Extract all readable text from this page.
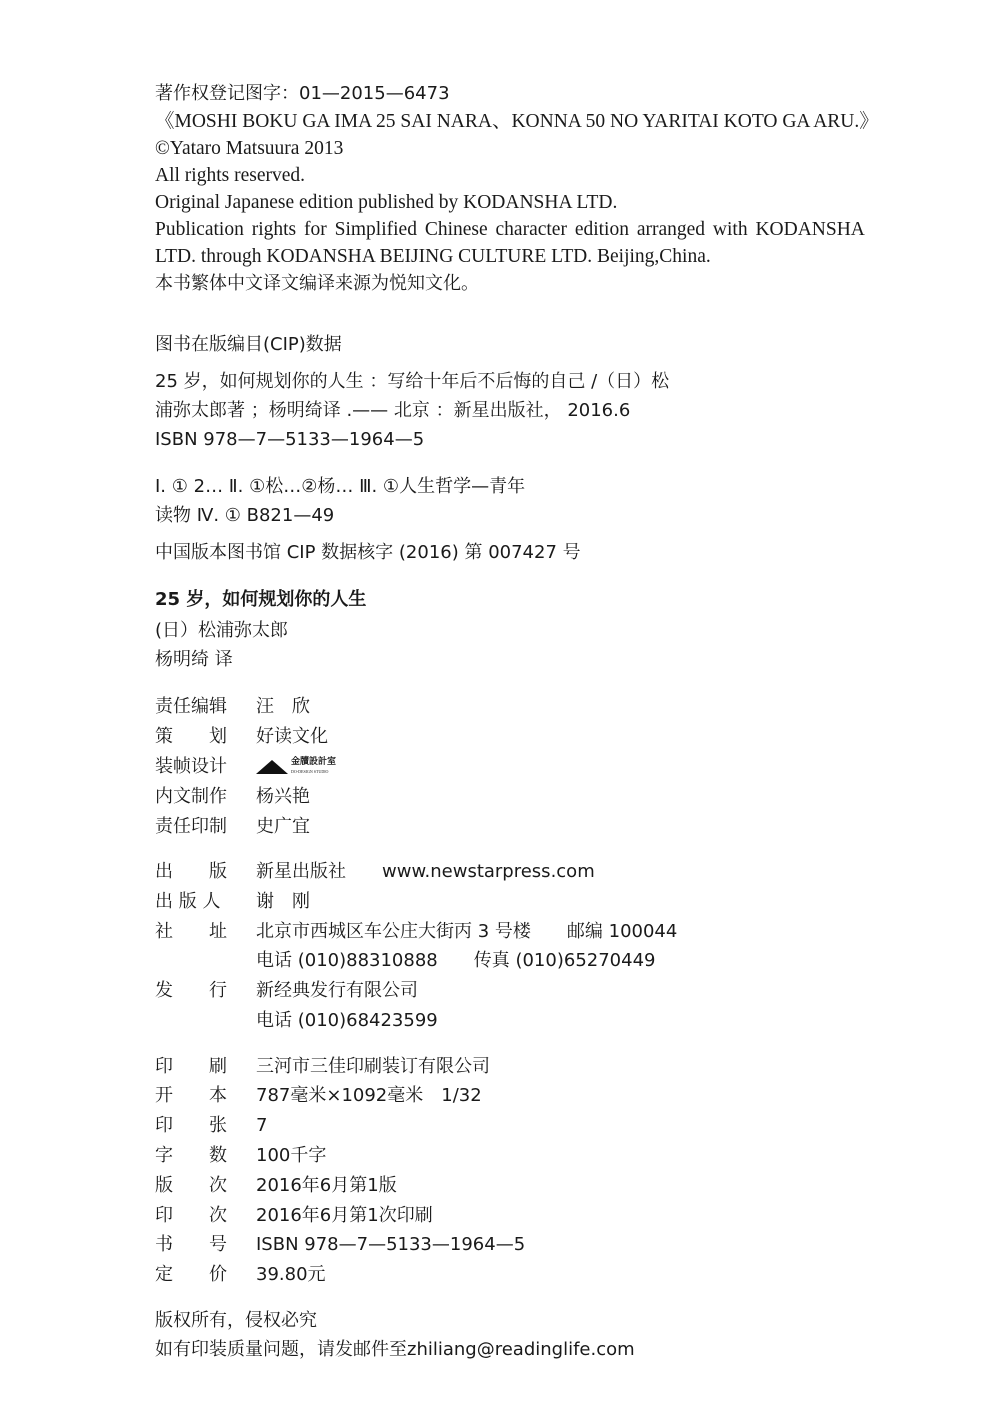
著作权登记图字：01—2015—6473
《MOSHI BOKU GA IMA 25 SAI NARA、KONNA 50 NO YARITAI KOTO GA ARU.》
©Yataro Matsuura 2013
All rights reserved.
Original Japanese edition published by KODANSHA LTD.
Publication rights for Simplified Chinese character edition arranged with KODANSHA
LTD. through KODANSHA BEIJING CULTURE LTD. Beijing,China.
本书繁体中文译文编译来源为悦知文化。
图书在版编目(CIP)数据
25 岁，如何规划你的人生 ：写给十年后不后悔的自己 /（日）松
浦弥太郎著 ；杨明绮译 .—— 北京 ：新星出版社， 2016.6
ISBN 978—7—5133—1964—5
Ⅰ. ① 2… Ⅱ. ①松…②杨… Ⅲ. ①人生哲学—青年
读物 Ⅳ. ① B821—49
中国版本图书馆 CIP 数据核字 (2016) 第 007427 号
25 岁，如何规划你的人生
(日）松浦弥太郎
杨明绮 译
责任编辑 汪　欣
策　　划 好读文化
装帧设计	金牘設計室
DO-DESIGN STUDIO
内文制作 杨兴艳
责任印制 史广宜
出　　版 新星出版社　　www.newstarpress.com
出 版 人 谢　刚
社　　址 北京市西城区车公庄大街丙 3 号楼　　邮编 100044
电话 (010)88310888　　传真 (010)65270449
发　　行 新经典发行有限公司
电话 (010)68423599
印　　刷 三河市三佳印刷装订有限公司
开　　本 787毫米×1092毫米　1/32
印　　张 7
字　　数 100千字
版　　次 2016年6月第1版
印　　次 2016年6月第1次印刷
书　　号 ISBN 978—7—5133—1964—5
定　　价 39.80元
版权所有，侵权必究
如有印装质量问题，请发邮件至zhiliang@readinglife.com
